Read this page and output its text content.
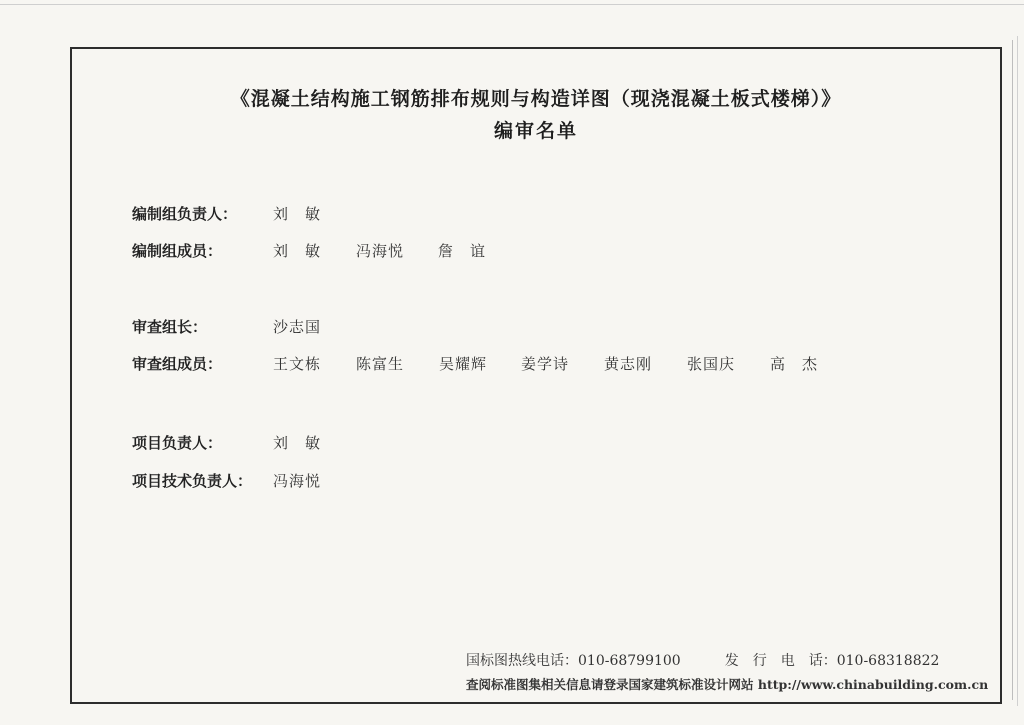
《混凝土结构施工钢筋排布规则与构造详图（现浇混凝土板式楼梯）》
编审名单
编制组负责人： 刘　敏
编制组成员：	刘　敏 冯海悦 詹　谊
审查组长：	沙志国
审查组成员：	王文栋 陈富生 吴耀辉 姜学诗 黄志刚 张国庆 高　杰
项目负责人：	刘　敏
项目技术负责人： 冯海悦
国标图热线电话：010-68799100	发　行　电　话：010-68318822
查阅标准图集相关信息请登录国家建筑标准设计网站 http://www.chinabuilding.com.cn
